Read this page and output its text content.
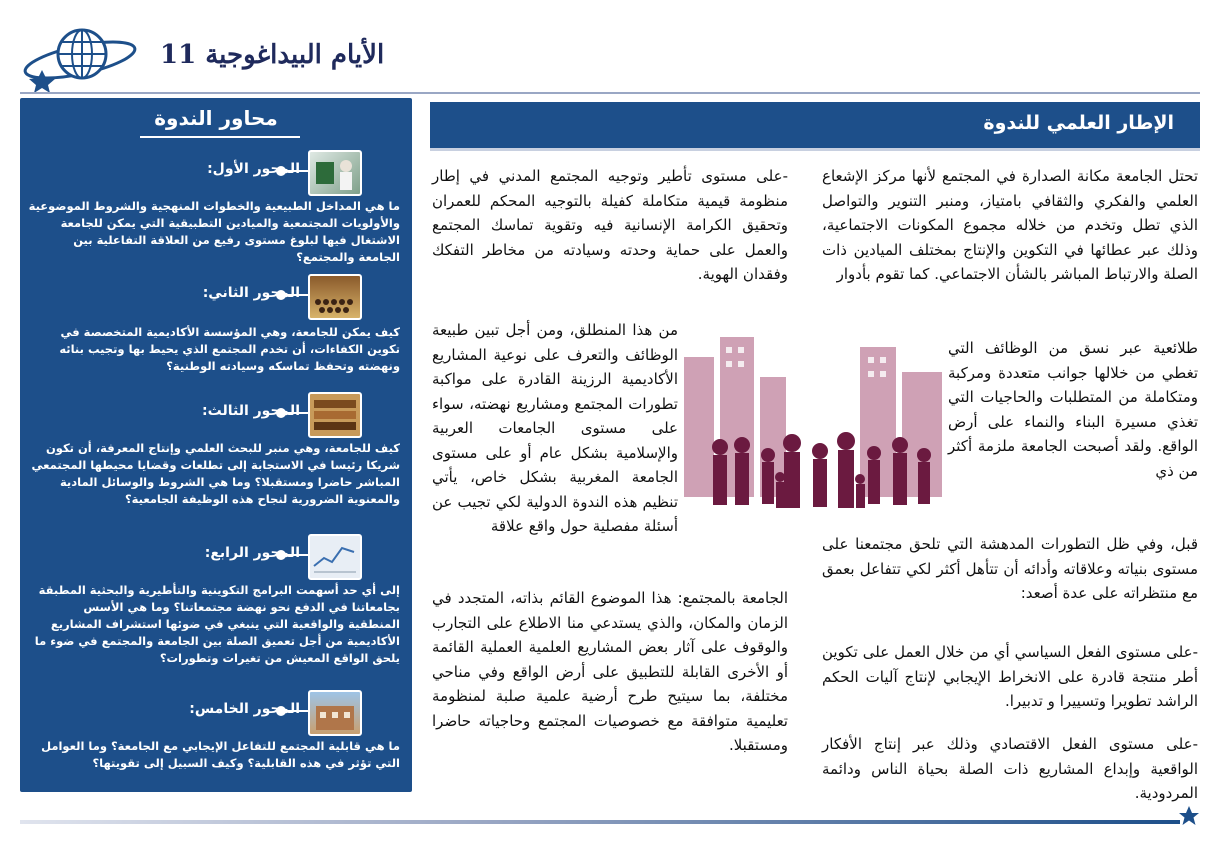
الأيام البيداغوجية 11
محاور الندوة
المحور الأول:
ما هي المداخل الطبيعية والخطوات المنهجية والشروط الموضوعية والأولويات المجتمعية والميادين التطبيقية التي يمكن للجامعة الاشتغال فيها لبلوغ مستوى رفيع من العلاقة التفاعلية بين الجامعة والمجتمع؟
المحور الثاني:
كيف يمكن للجامعة، وهي المؤسسة الأكاديمية المتخصصة في تكوين الكفاءات، أن تخدم المجتمع الذي يحيط بها وتجيب بنائه ونهضته وتحفظ تماسكه وسيادته الوطنية؟
المحور الثالث:
كيف للجامعة، وهي منبر للبحث العلمي وإنتاج المعرفة، أن تكون شريكا رئيسا في الاستجابة إلى تطلعات وقضايا محيطها المجتمعي المباشر حاضرا ومستقبلا؟ وما هي الشروط والوسائل المادية والمعنوية الضرورية لنجاح هذه الوظيفة الجامعية؟
المحور الرابع:
إلى أي حد أسهمت البرامج التكوينية والتأطيرية والبحثية المطبقة بجامعاتنا في الدفع نحو نهضة مجتمعاتنا؟ وما هي الأسس المنطقية والواقعية التي ينبغي في ضوئها استشراف المشاريع الأكاديمية من أجل تعميق الصلة بين الجامعة والمجتمع في ضوء ما يلحق الواقع المعيش من تغيرات وتطورات؟
المحور الخامس:
ما هي قابلية المجتمع للتفاعل الإيجابي مع الجامعة؟ وما العوامل التي تؤثر في هذه القابلية؟ وكيف السبيل إلى تقويتها؟
الإطار العلمي للندوة
تحتل الجامعة مكانة الصدارة في المجتمع لأنها مركز الإشعاع العلمي والفكري والثقافي بامتياز، ومنبر التنوير والتواصل الذي تطل وتخدم من خلاله مجموع المكونات الاجتماعية، وذلك عبر عطائها في التكوين والإنتاج بمختلف الميادين ذات الصلة والارتباط المباشر بالشأن الاجتماعي. كما تقوم بأدوار
طلائعية عبر نسق من الوظائف التي تغطي من خلالها جوانب متعددة ومركبة ومتكاملة من المتطلبات والحاجيات التي تغذي مسيرة البناء والنماء على أرض الواقع. ولقد أصبحت الجامعة ملزمة أكثر من ذي
قبل، وفي ظل التطورات المدهشة التي تلحق مجتمعنا على مستوى بنياته وعلاقاته وأدائه أن تتأهل أكثر لكي تتفاعل بعمق مع منتظراته على عدة أصعد:
-على مستوى الفعل السياسي أي من خلال العمل على تكوين أطر منتجة قادرة على الانخراط الإيجابي لإنتاج آليات الحكم الراشد تطويرا وتسييرا و تدبيرا.
-على مستوى الفعل الاقتصادي وذلك عبر إنتاج الأفكار الواقعية وإبداع المشاريع ذات الصلة بحياة الناس ودائمة المردودية.
-على مستوى تأطير وتوجيه المجتمع المدني في إطار منظومة قيمية متكاملة كفيلة بالتوجيه المحكم للعمران وتحقيق الكرامة الإنسانية فيه وتقوية تماسك المجتمع والعمل على حماية وحدته وسيادته من مخاطر التفكك وفقدان الهوية.
من هذا المنطلق، ومن أجل تبين طبيعة الوظائف والتعرف على نوعية المشاريع الأكاديمية الرزينة القادرة على مواكبة تطورات المجتمع ومشاريع نهضته، سواء على مستوى الجامعات العربية والإسلامية بشكل عام أو على مستوى الجامعة المغربية بشكل خاص، يأتي تنظيم هذه الندوة الدولية لكي تجيب عن أسئلة مفصلية حول واقع علاقة
الجامعة بالمجتمع: هذا الموضوع القائم بذاته، المتجدد في الزمان والمكان، والذي يستدعي منا الاطلاع على التجارب والوقوف على آثار بعض المشاريع العلمية العملية القائمة أو الأخرى القابلة للتطبيق على أرض الواقع وفي مناحي مختلفة، بما سيتيح طرح أرضية علمية صلبة لمنظومة تعليمية متوافقة مع خصوصيات المجتمع وحاجياته حاضرا ومستقبلا.
